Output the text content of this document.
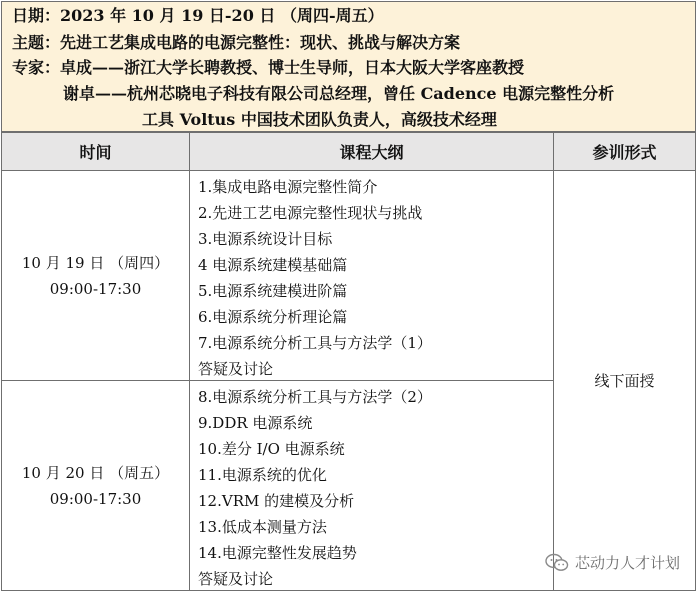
日期：2023 年 10 月 19 日-20 日 （周四-周五）
主题：先进工艺集成电路的电源完整性：现状、挑战与解决方案
专家：卓成——浙江大学长聘教授、博士生导师，日本大阪大学客座教授
谢卓——杭州芯晓电子科技有限公司总经理，曾任 Cadence 电源完整性分析
工具 Voltus 中国技术团队负责人，高级技术经理
时间	课程大纲	参训形式
10 月 19 日 （周四）
09:00-17:30
1.集成电路电源完整性简介
2.先进工艺电源完整性现状与挑战
3.电源系统设计目标
4 电源系统建模基础篇
5.电源系统建模进阶篇
6.电源系统分析理论篇
7.电源系统分析工具与方法学（1）
答疑及讨论
10 月 20 日 （周五）
09:00-17:30
8.电源系统分析工具与方法学（2）
9.DDR 电源系统
10.差分 I/O 电源系统
11.电源系统的优化
12.VRM 的建模及分析
13.低成本测量方法
14.电源完整性发展趋势
答疑及讨论
线下面授
芯动力人才计划
